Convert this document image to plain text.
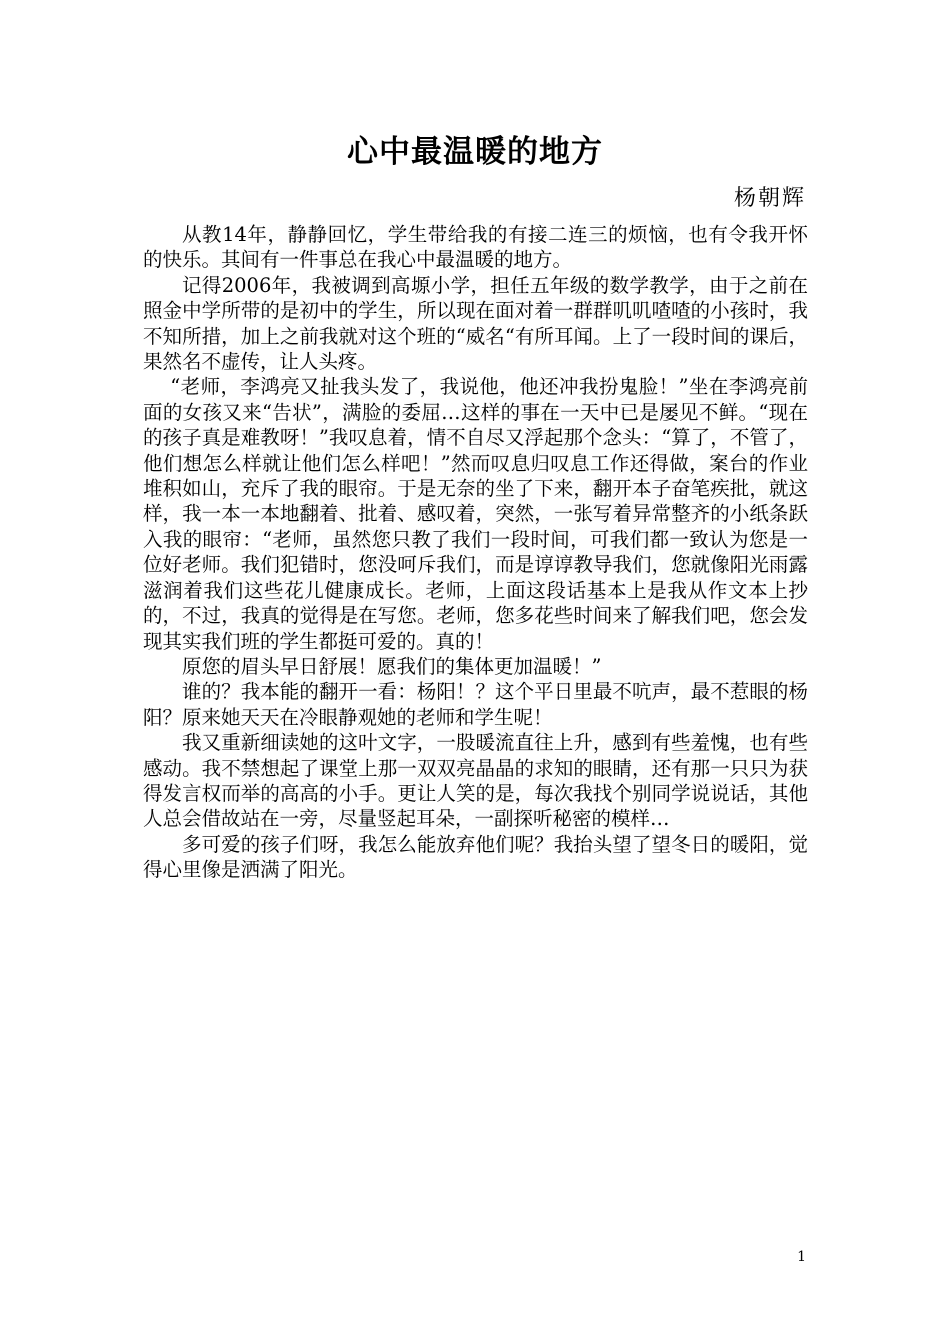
心中最温暖的地方
杨朝辉

从教14年，静静回忆，学生带给我的有接二连三的烦恼，也有令我开怀的快乐。其间有一件事总在我心中最温暖的地方。

记得2006年，我被调到高塬小学，担任五年级的数学教学，由于之前在照金中学所带的是初中的学生，所以现在面对着一群群叽叽喳喳的小孩时，我不知所措，加上之前我就对这个班的“威名“有所耳闻。上了一段时间的课后，果然名不虚传，让人头疼。

“老师，李鸿亮又扯我头发了，我说他，他还冲我扮鬼脸！”坐在李鸿亮前面的女孩又来“告状”，满脸的委屈…这样的事在一天中已是屡见不鲜。“现在的孩子真是难教呀！”我叹息着，情不自尽又浮起那个念头：“算了，不管了，他们想怎么样就让他们怎么样吧！”然而叹息归叹息工作还得做，案台的作业堆积如山，充斥了我的眼帘。于是无奈的坐了下来，翻开本子奋笔疾批，就这样，我一本一本地翻着、批着、感叹着，突然，一张写着异常整齐的小纸条跃入我的眼帘：“老师，虽然您只教了我们一段时间，可我们都一致认为您是一位好老师。我们犯错时，您没呵斥我们，而是谆谆教导我们，您就像阳光雨露滋润着我们这些花儿健康成长。老师，上面这段话基本上是我从作文本上抄的，不过，我真的觉得是在写您。老师，您多花些时间来了解我们吧，您会发现其实我们班的学生都挺可爱的。真的！

原您的眉头早日舒展！愿我们的集体更加温暖！”

谁的？我本能的翻开一看：杨阳！？这个平日里最不吭声，最不惹眼的杨阳？原来她天天在冷眼静观她的老师和学生呢！

我又重新细读她的这叶文字，一股暖流直往上升，感到有些羞愧，也有些感动。我不禁想起了课堂上那一双双亮晶晶的求知的眼睛，还有那一只只为获得发言权而举的高高的小手。更让人笑的是，每次我找个别同学说说话，其他人总会借故站在一旁，尽量竖起耳朵，一副探听秘密的模样…

多可爱的孩子们呀，我怎么能放弃他们呢？我抬头望了望冬日的暖阳，觉得心里像是洒满了阳光。

1
